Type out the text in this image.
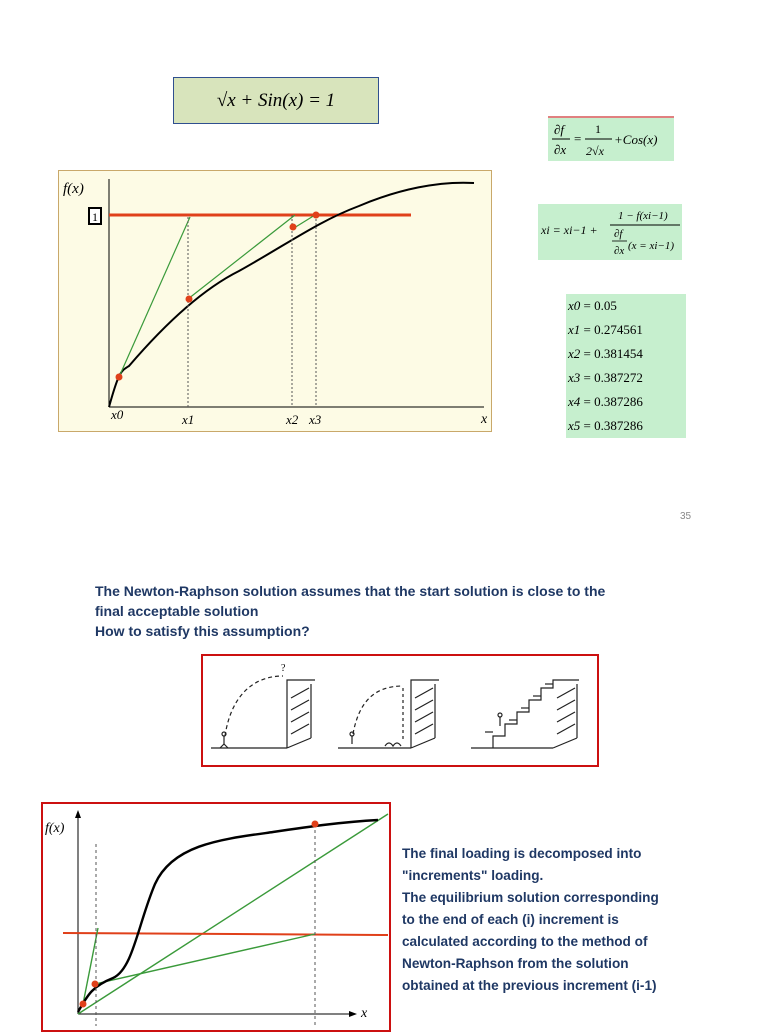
√x + Sin(x) = 1
∂f
∂x
=
1
2√x
+Cos(x)
xi = xi−1 +
1 − f(xi−1)
∂f
∂x (x = xi−1)
x0 = 0.05
x1 = 0.274561
x2 = 0.381454
x3 = 0.387272
x4 = 0.387286
x5 = 0.387286
f(x)
1
x
x0	x1	x2 x3
35
The Newton-Raphson solution assumes that the start solution is close to the
final acceptable solution
How to satisfy this assumption?
?
f(x)
x
The final loading is decomposed into
"increments" loading.
The equilibrium solution corresponding
to the end of each (i) increment is
calculated according to the method of
Newton-Raphson from the solution
obtained at the previous increment (i-1)
